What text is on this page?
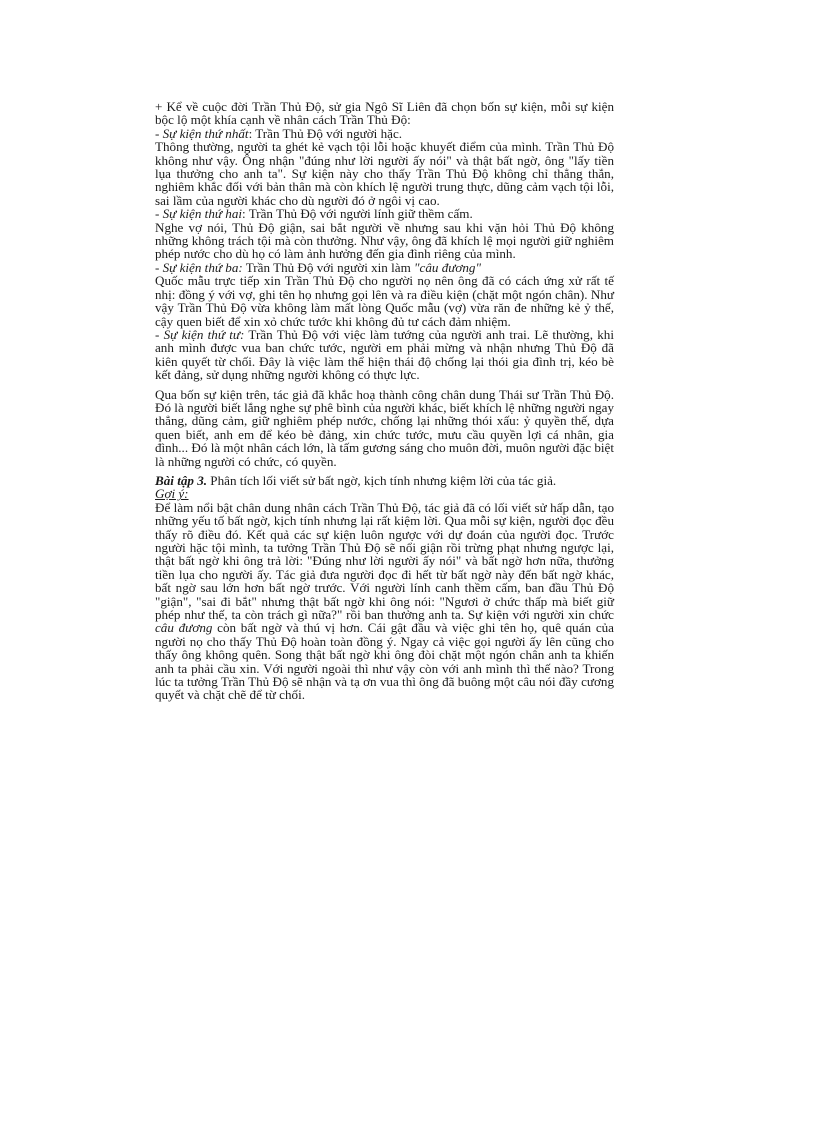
+ Kể về cuộc đời Trần Thủ Độ, sử gia Ngô Sĩ Liên đã chọn bốn sự kiện, mỗi sự kiện bộc lộ một khía cạnh về nhân cách Trần Thủ Độ:

- Sự kiện thứ nhất: Trần Thủ Độ với người hặc.

Thông thường, người ta ghét kẻ vạch tội lỗi hoặc khuyết điểm của mình. Trần Thủ Độ không như vậy. Ông nhận "đúng như lời người ấy nói" và thật bất ngờ, ông "lấy tiền lụa thưởng cho anh ta". Sự kiện này cho thấy Trần Thủ Độ không chỉ thẳng thắn, nghiêm khắc đối với bản thân mà còn khích lệ người trung thực, dũng cảm vạch tội lỗi, sai lầm của người khác cho dù người đó ở ngôi vị cao.

- Sự kiện thứ hai: Trần Thủ Độ với người lính giữ thềm cấm.

Nghe vợ nói, Thủ Độ giận, sai bắt người về nhưng sau khi vặn hỏi Thủ Độ không những không trách tội mà còn thưởng. Như vậy, ông đã khích lệ mọi người giữ nghiêm phép nước cho dù họ có làm ảnh hưởng đến gia đình riêng của mình.

- Sự kiện thứ ba: Trần Thủ Độ với người xin làm "câu đương"

Quốc mẫu trực tiếp xin Trần Thủ Độ cho người nọ nên ông đã có cách ứng xử rất tế nhị: đồng ý với vợ, ghi tên họ nhưng gọi lên và ra điều kiện (chặt một ngón chân). Như vậy Trần Thủ Độ vừa không làm mất lòng Quốc mẫu (vợ) vừa răn đe những kẻ ỷ thế, cậy quen biết để xin xỏ chức tước khi không đủ tư cách đảm nhiệm.

- Sự kiện thứ tư: Trần Thủ Độ với việc làm tướng của người anh trai. Lẽ thường, khi anh mình được vua ban chức tước, người em phải mừng và nhận nhưng Thủ Độ đã kiên quyết từ chối. Đây là việc làm thể hiện thái độ chống lại thói gia đình trị, kéo bè kết đảng, sử dụng những người không có thực lực.

Qua bốn sự kiện trên, tác giả đã khắc hoạ thành công chân dung Thái sư Trần Thủ Độ. Đó là người biết lắng nghe sự phê bình của người khác, biết khích lệ những người ngay thẳng, dũng cảm, giữ nghiêm phép nước, chống lại những thói xấu: ỷ quyền thế, dựa quen biết, anh em để kéo bè đảng, xin chức tước, mưu cầu quyền lợi cá nhân, gia đình... Đó là một nhân cách lớn, là tấm gương sáng cho muôn đời, muôn người đặc biệt là những người có chức, có quyền.

Bài tập 3. Phân tích lối viết sử bất ngờ, kịch tính nhưng kiệm lời của tác giả.

Gợi ý:

Để làm nổi bật chân dung nhân cách Trần Thủ Độ, tác giả đã có lối viết sử hấp dẫn, tạo những yếu tố bất ngờ, kịch tính nhưng lại rất kiệm lời. Qua mỗi sự kiện, người đọc đều thấy rõ điều đó. Kết quả các sự kiện luôn ngược với dự đoán của người đọc. Trước người hặc tội mình, ta tưởng Trần Thủ Độ sẽ nổi giận rồi trừng phạt nhưng ngược lại, thật bất ngờ khi ông trả lời: "Đúng như lời người ấy nói" và bất ngờ hơn nữa, thưởng tiền lụa cho người ấy. Tác giả đưa người đọc đi hết từ bất ngờ này đến bất ngờ khác, bất ngờ sau lớn hơn bất ngờ trước. Với người lính canh thềm cấm, ban đầu Thủ Độ "giận", "sai đi bắt" nhưng thật bất ngờ khi ông nói: "Ngươi ở chức thấp mà biết giữ phép như thế, ta còn trách gì nữa?" rồi ban thưởng anh ta. Sự kiện với người xin chức câu đương còn bất ngờ và thú vị hơn. Cái gật đầu và việc ghi tên họ, quê quán của người nọ cho thấy Thủ Độ hoàn toàn đồng ý. Ngay cả việc gọi người ấy lên cũng cho thấy ông không quên. Song thật bất ngờ khi ông đòi chặt một ngón chân anh ta khiến anh ta phải cầu xin. Với người ngoài thì như vậy còn với anh mình thì thế nào? Trong lúc ta tưởng Trần Thủ Độ sẽ nhận và tạ ơn vua thì ông đã buông một câu nói đầy cương quyết và chặt chẽ để từ chối.
